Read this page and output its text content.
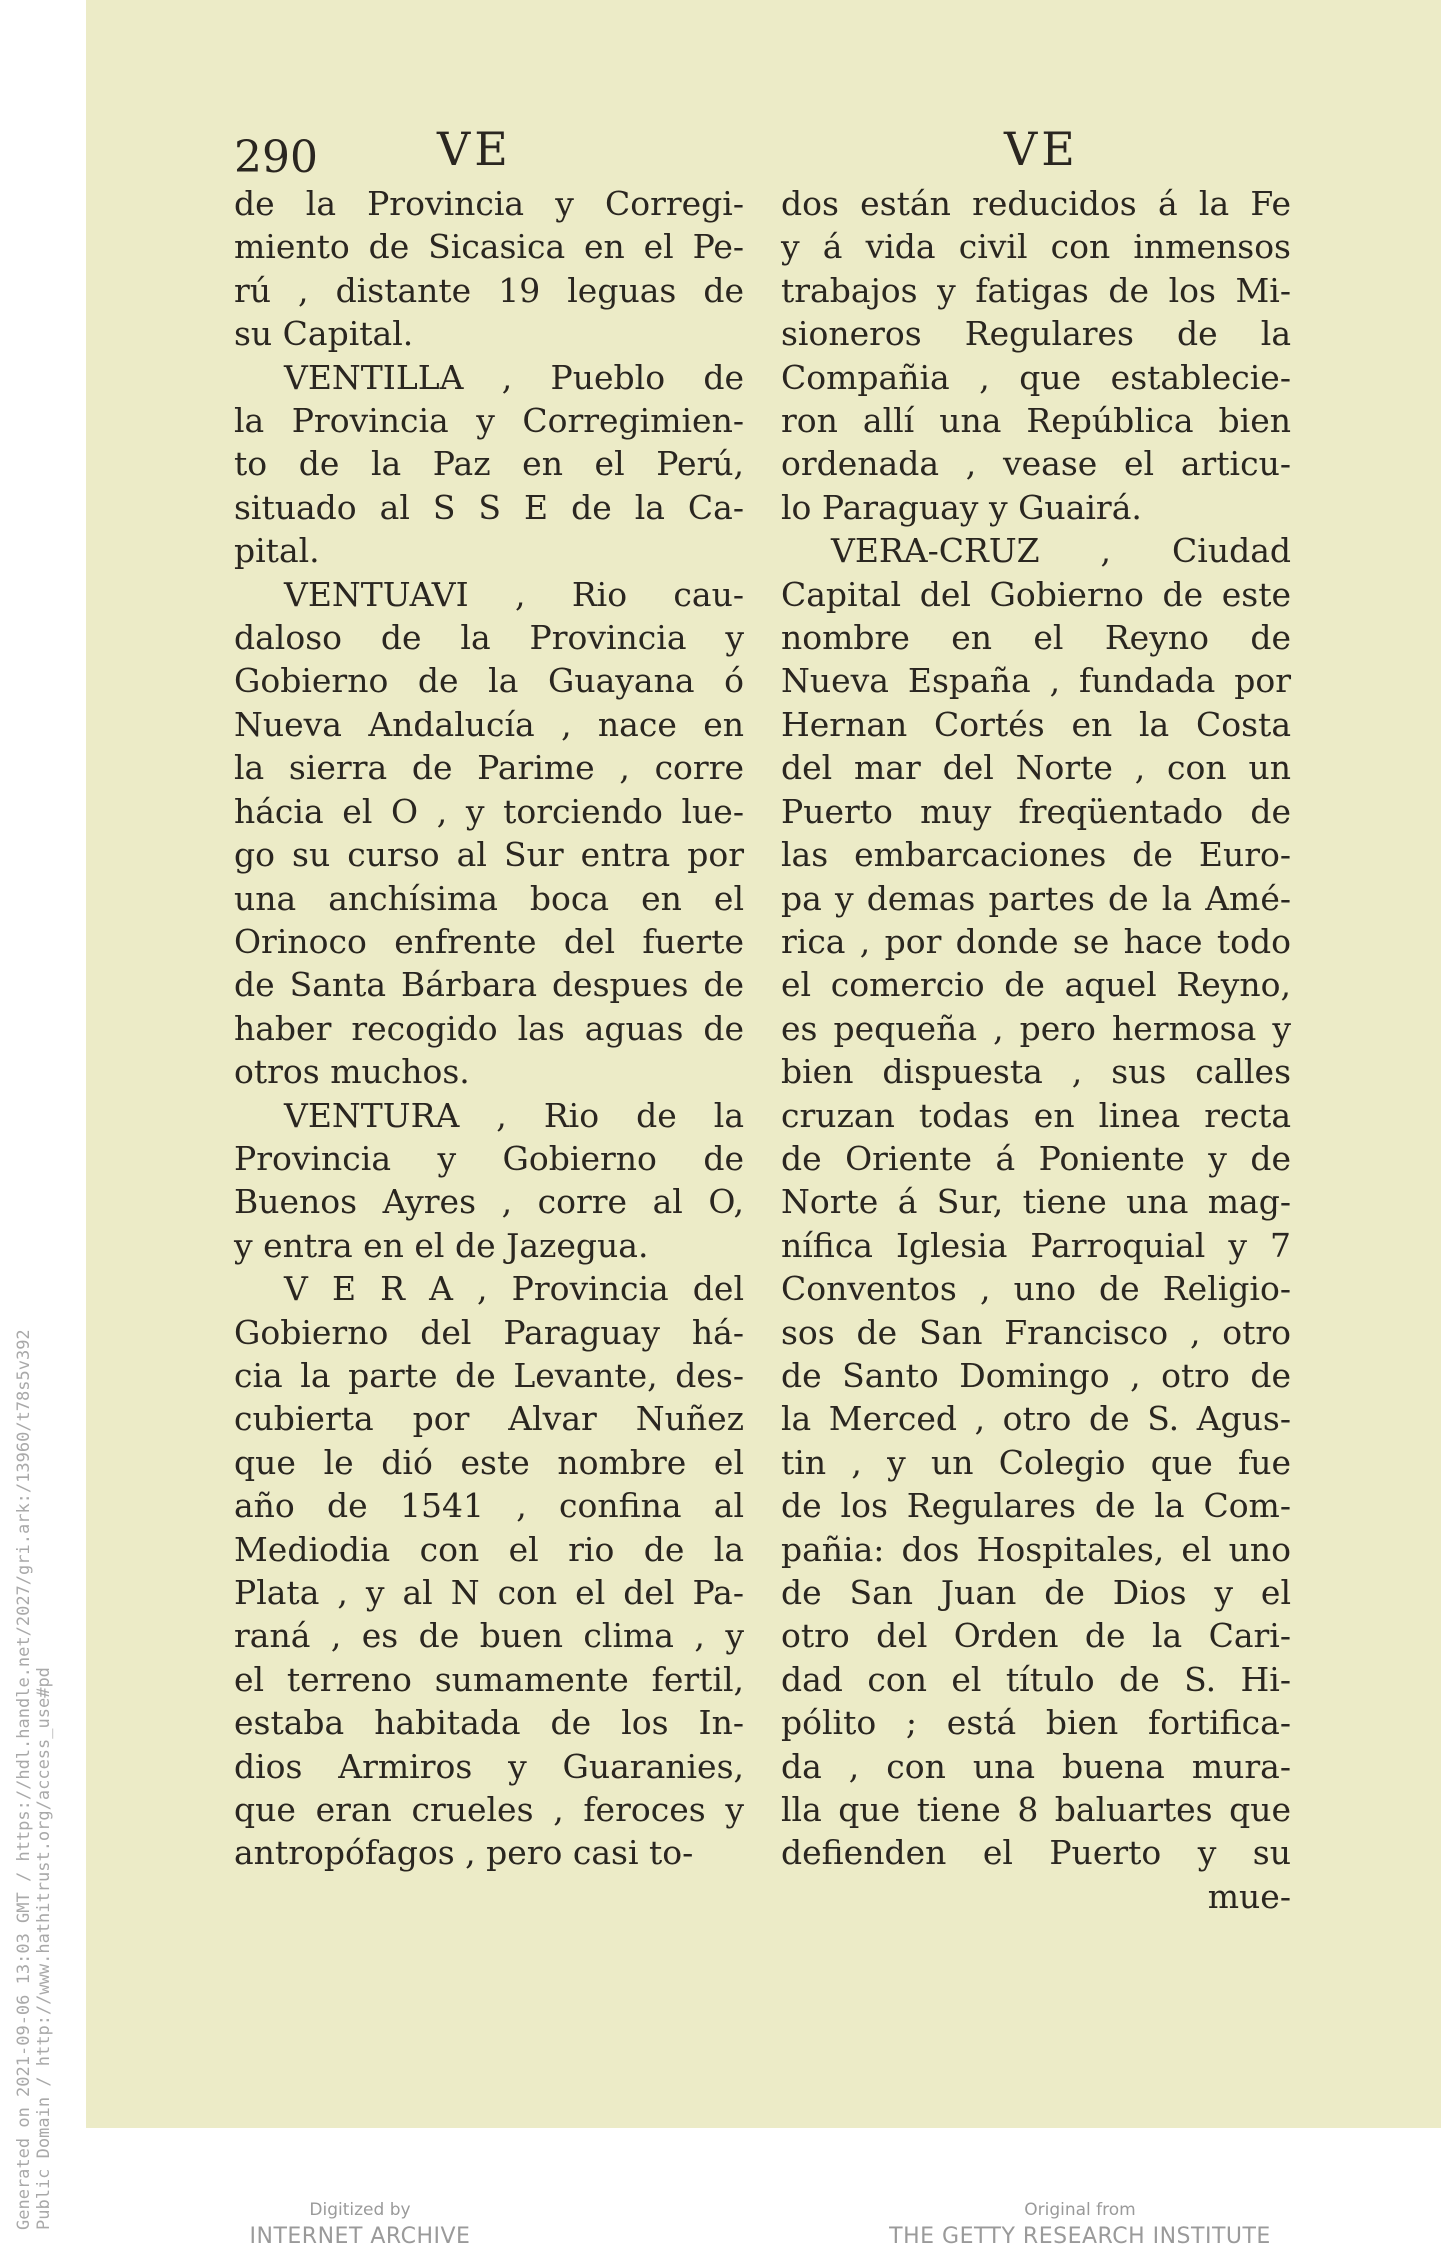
Generated on 2021-09-06 13:03 GMT / https://hdl.handle.net/2027/gri.ark:/13960/t78s5v392 Public Domain / http://www.hathitrust.org/access_use#pd
290	VE	VE

de la Provincia y Corregi-

miento de Sicasica en el Pe-

rú , distante 19 leguas de

su Capital.

VENTILLA , Pueblo de

la Provincia y Corregimien-

to de la Paz en el Perú,

situado al S S E de la Ca-

pital.

VENTUAVI , Rio cau-

daloso de la Provincia y

Gobierno de la Guayana ó

Nueva Andalucía , nace en

la sierra de Parime , corre

hácia el O , y torciendo lue-

go su curso al Sur entra por

una anchísima boca en el

Orinoco enfrente del fuerte

de Santa Bárbara despues de

haber recogido las aguas de

otros muchos.

VENTURA , Rio de la

Provincia y Gobierno de

Buenos Ayres , corre al O,

y entra en el de Jazegua.

V E R A , Provincia del

Gobierno del Paraguay há-

cia la parte de Levante, des-

cubierta por Alvar Nuñez

que le dió este nombre el

año de 1541 , confina al

Mediodia con el rio de la

Plata , y al N con el del Pa-

raná , es de buen clima , y

el terreno sumamente fertil,

estaba habitada de los In-

dios Armiros y Guaranies,

que eran crueles , feroces y

antropófagos , pero casi to-

dos están reducidos á la Fe

y á vida civil con inmensos

trabajos y fatigas de los Mi-

sioneros Regulares de la

Compañia , que establecie-

ron allí una República bien

ordenada , vease el articu-

lo Paraguay y Guairá.

VERA-CRUZ , Ciudad

Capital del Gobierno de este

nombre en el Reyno de

Nueva España , fundada por

Hernan Cortés en la Costa

del mar del Norte , con un

Puerto muy freqüentado de

las embarcaciones de Euro-

pa y demas partes de la Amé-

rica , por donde se hace todo

el comercio de aquel Reyno,

es pequeña , pero hermosa y

bien dispuesta , sus calles

cruzan todas en linea recta

de Oriente á Poniente y de

Norte á Sur, tiene una mag-

nífica Iglesia Parroquial y 7

Conventos , uno de Religio-

sos de San Francisco , otro

de Santo Domingo , otro de

la Merced , otro de S. Agus-

tin , y un Colegio que fue

de los Regulares de la Com-

pañia: dos Hospitales, el uno

de San Juan de Dios y el

otro del Orden de la Cari-

dad con el título de S. Hi-

pólito ; está bien fortifica-

da , con una buena mura-

lla que tiene 8 baluartes que

defienden el Puerto y su

mue-

Digitized by
INTERNET ARCHIVE
Original from
THE GETTY RESEARCH INSTITUTE
